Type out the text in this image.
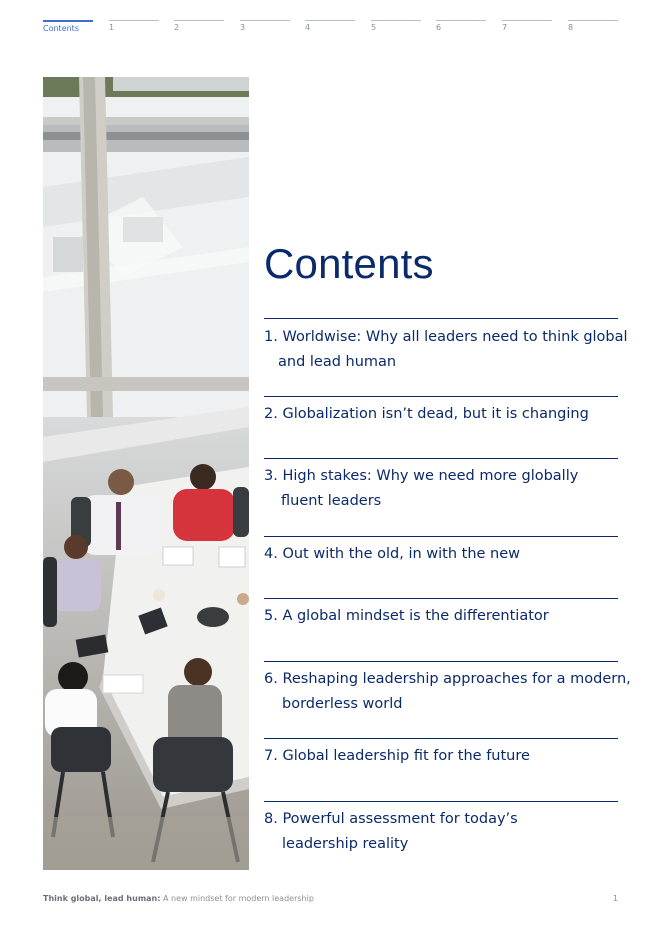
Contents	1	2	3	4	5	6	7	8
Contents
1. Worldwise: Why all leaders need to think global
and lead human
2. Globalization isn’t dead, but it is changing
3. High stakes: Why we need more globally
fluent leaders
4. Out with the old, in with the new
5. A global mindset is the differentiator
6. Reshaping leadership approaches for a modern,
borderless world
7. Global leadership fit for the future
8. Powerful assessment for today’s
leadership reality
Think global, lead human: A new mindset for modern leadership	1
